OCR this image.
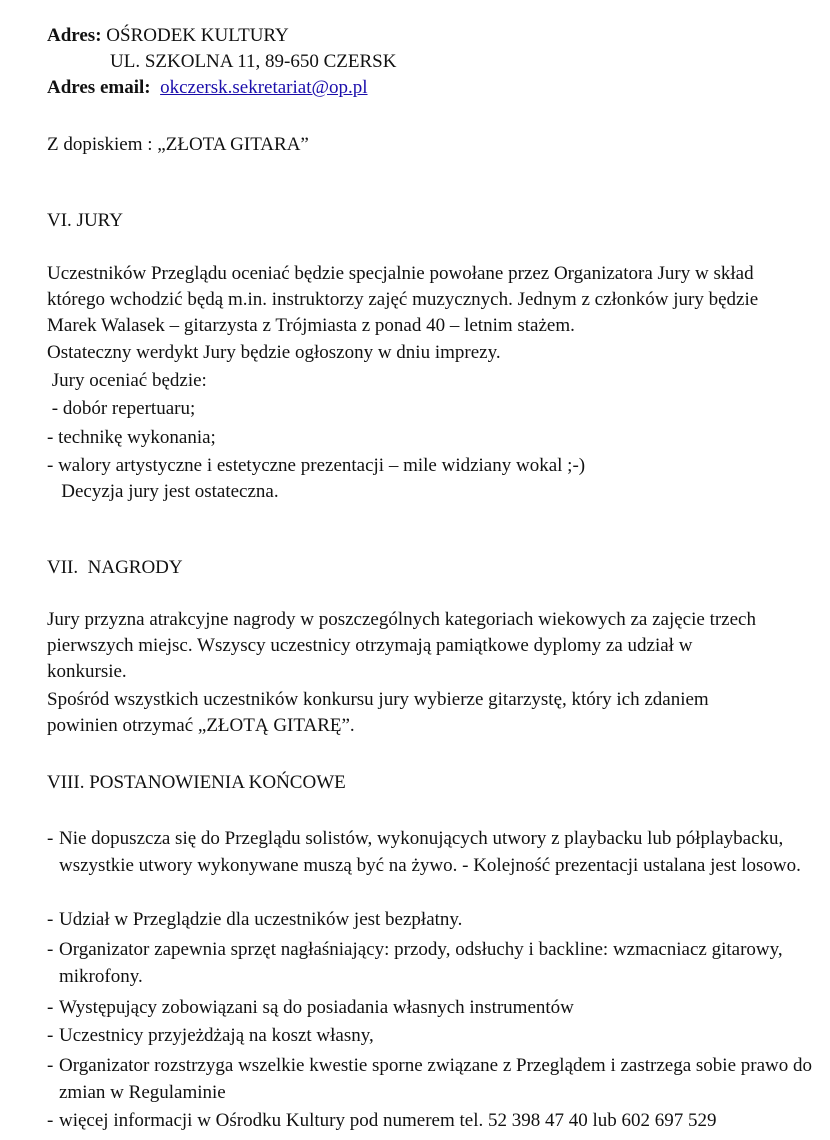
Adres: OŚRODEK KULTURY
UL. SZKOLNA 11, 89-650 CZERSK
Adres email: okczersk.sekretariat@op.pl
Z dopiskiem : „ZŁOTA GITARA”
VI. JURY
Uczestników Przeglądu oceniać będzie specjalnie powołane przez Organizatora Jury w skład
którego wchodzić będą m.in. instruktorzy zajęć muzycznych. Jednym z członków jury będzie
Marek Walasek – gitarzysta z Trójmiasta z ponad 40 – letnim stażem.
Ostateczny werdykt Jury będzie ogłoszony w dniu imprezy.
Jury oceniać będzie:
- dobór repertuaru;
- technikę wykonania;
- walory artystyczne i estetyczne prezentacji – mile widziany wokal ;-)
Decyzja jury jest ostateczna.
VII.  NAGRODY
Jury przyzna atrakcyjne nagrody w poszczególnych kategoriach wiekowych za zajęcie trzech
pierwszych miejsc. Wszyscy uczestnicy otrzymają pamiątkowe dyplomy za udział w
konkursie.
Spośród wszystkich uczestników konkursu jury wybierze gitarzystę, który ich zdaniem
powinien otrzymać „ZŁOTĄ GITARĘ”.
VIII. POSTANOWIENIA KOŃCOWE
- Nie dopuszcza się do Przeglądu solistów, wykonujących utwory z playbacku lub półplaybacku, wszystkie utwory wykonywane muszą być na żywo. - Kolejność prezentacji ustalana jest losowo.
- Udział w Przeglądzie dla uczestników jest bezpłatny.
- Organizator zapewnia sprzęt nagłaśniający: przody, odsłuchy i backline: wzmacniacz gitarowy, mikrofony.
- Występujący zobowiązani są do posiadania własnych instrumentów
- Uczestnicy przyjeżdżają na koszt własny,
- Organizator rozstrzyga wszelkie kwestie sporne związane z Przeglądem i zastrzega sobie prawo do zmian w Regulaminie
- więcej informacji w Ośrodku Kultury pod numerem tel. 52 398 47 40 lub 602 697 529
